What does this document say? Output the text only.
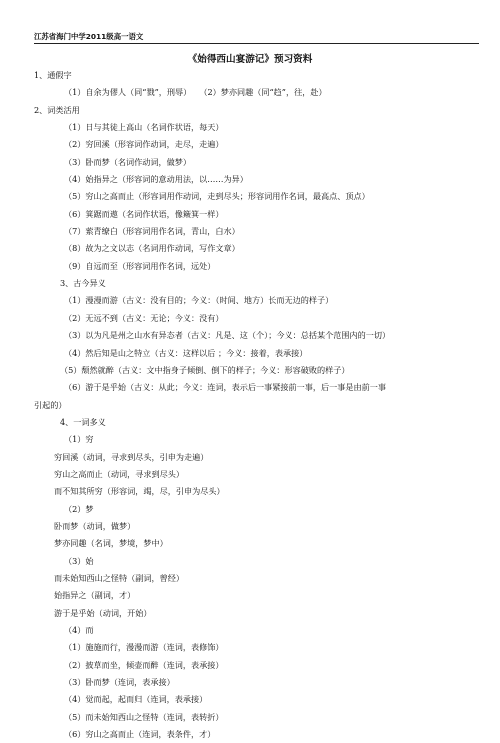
江苏省海门中学2011级高一语文
《始得西山宴游记》预习资料
1、通假字
（1）自余为僇人（同“戮”，刑辱）　　（2）梦亦同趣（同“趋”，往，赴）
2、词类活用
（1）日与其徒上高山（名词作状语，每天）
（2）穷回溪（形容词作动词，走尽，走遍）
（3）卧而梦（名词作动词，做梦）
（4）始指异之（形容词的意动用法，以……为异）
（5）穷山之高而止（形容词用作动词，走到尽头；形容词用作名词，最高点、顶点）
（6）箕踞而遨（名词作状语，像簸箕一样）
（7）萦青缭白（形容词用作名词，青山，白水）
（8）故为之文以志（名词用作动词，写作文章）
（9）自远而至（形容词用作名词，远处）
3、古今异义
（1）漫漫而游（古义：没有目的；今义：（时间、地方）长而无边的样子）
（2）无远不到（古义：无论；今义：没有）
（3）以为凡是州之山水有异态者（古义：凡是、这（个）；今义：总括某个范围内的一切）
（4）然后知是山之特立（古义：这样以后 ；今义：接着，表承接）
（5）颓然就醉（古义：文中指身子倾倒、倒下的样子；今义：形容破败的样子）
（6）游于是乎始（古义：从此；今义：连词，表示后一事紧接前一事，后一事是由前一事
引起的）
4、一词多义
（1）穷
穷回溪（动词，寻求到尽头，引申为走遍）
穷山之高而止（动词，寻求到尽头）
而不知其所穷（形容词，竭，尽，引申为尽头）
（2）梦
卧而梦（动词，做梦）
梦亦同趣（名词，梦境，梦中）
（3）始
而未始知西山之怪特（副词，曾经）
始指异之（副词，才）
游于是乎始（动词，开始）
（4）而
（1）施施而行，漫漫而游（连词，表修饰）
（2）披草而坐，倾壶而醉（连词，表承接）
（3）卧而梦（连词，表承接）
（4）觉而起，起而归（连词，表承接）
（5）而未始知西山之怪特（连词，表转折）
（6）穷山之高而止（连词，表条件，才）
